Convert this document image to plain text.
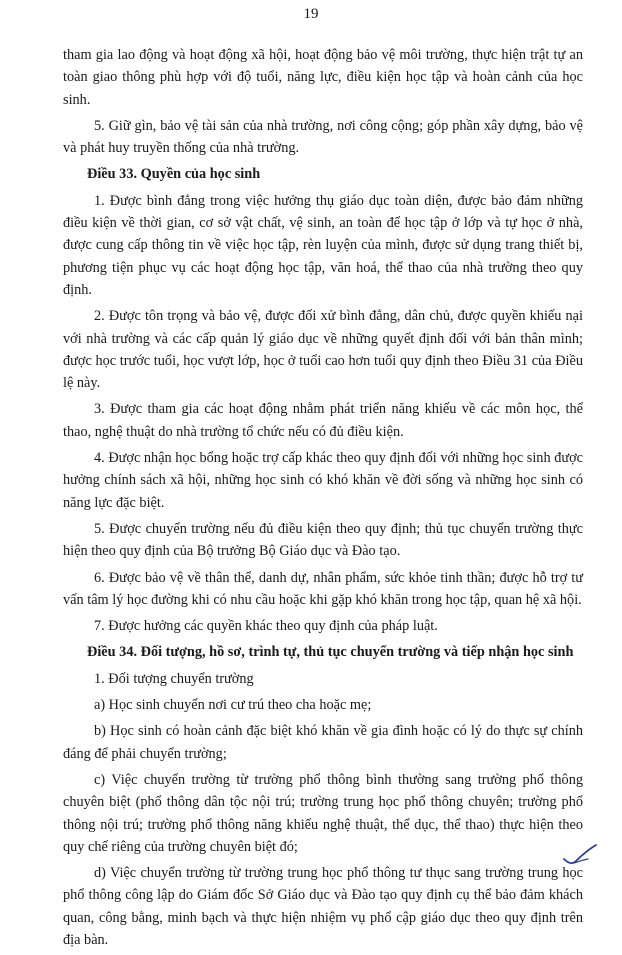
19

tham gia lao động và hoạt động xã hội, hoạt động bảo vệ môi trường, thực hiện trật tự an toàn giao thông phù hợp với độ tuổi, năng lực, điều kiện học tập và hoàn cảnh của học sinh.

5. Giữ gìn, bảo vệ tài sản của nhà trường, nơi công cộng; góp phần xây dựng, bảo vệ và phát huy truyền thống của nhà trường.

Điều 33. Quyền của học sinh

1. Được bình đẳng trong việc hưởng thụ giáo dục toàn diện, được bảo đảm những điều kiện về thời gian, cơ sở vật chất, vệ sinh, an toàn để học tập ở lớp và tự học ở nhà, được cung cấp thông tin về việc học tập, rèn luyện của mình, được sử dụng trang thiết bị, phương tiện phục vụ các hoạt động học tập, văn hoá, thể thao của nhà trường theo quy định.

2. Được tôn trọng và bảo vệ, được đối xử bình đẳng, dân chủ, được quyền khiếu nại với nhà trường và các cấp quản lý giáo dục về những quyết định đối với bản thân mình; được học trước tuổi, học vượt lớp, học ở tuổi cao hơn tuổi quy định theo Điều 31 của Điều lệ này.

3. Được tham gia các hoạt động nhằm phát triển năng khiếu về các môn học, thể thao, nghệ thuật do nhà trường tổ chức nếu có đủ điều kiện.

4. Được nhận học bổng hoặc trợ cấp khác theo quy định đối với những học sinh được hưởng chính sách xã hội, những học sinh có khó khăn về đời sống và những học sinh có năng lực đặc biệt.

5. Được chuyển trường nếu đủ điều kiện theo quy định; thủ tục chuyển trường thực hiện theo quy định của Bộ trưởng Bộ Giáo dục và Đào tạo.

6. Được bảo vệ về thân thể, danh dự, nhân phẩm, sức khỏe tinh thần; được hỗ trợ tư vấn tâm lý học đường khi có nhu cầu hoặc khi gặp khó khăn trong học tập, quan hệ xã hội.

7. Được hưởng các quyền khác theo quy định của pháp luật.

Điều 34. Đối tượng, hồ sơ, trình tự, thủ tục chuyển trường và tiếp nhận học sinh

1. Đối tượng chuyển trường

a) Học sinh chuyển nơi cư trú theo cha hoặc mẹ;

b) Học sinh có hoàn cảnh đặc biệt khó khăn về gia đình hoặc có lý do thực sự chính đáng để phải chuyển trường;

c) Việc chuyển trường từ trường phổ thông bình thường sang trường phổ thông chuyên biệt (phổ thông dân tộc nội trú; trường trung học phổ thông chuyên; trường phổ thông nội trú; trường phổ thông năng khiếu nghệ thuật, thể dục, thể thao) thực hiện theo quy chế riêng của trường chuyên biệt đó;

d) Việc chuyển trường từ trường trung học phổ thông tư thục sang trường trung học phổ thông công lập do Giám đốc Sở Giáo dục và Đào tạo quy định cụ thể bảo đảm khách quan, công bằng, minh bạch và thực hiện nhiệm vụ phổ cập giáo dục theo quy định trên địa bàn.
